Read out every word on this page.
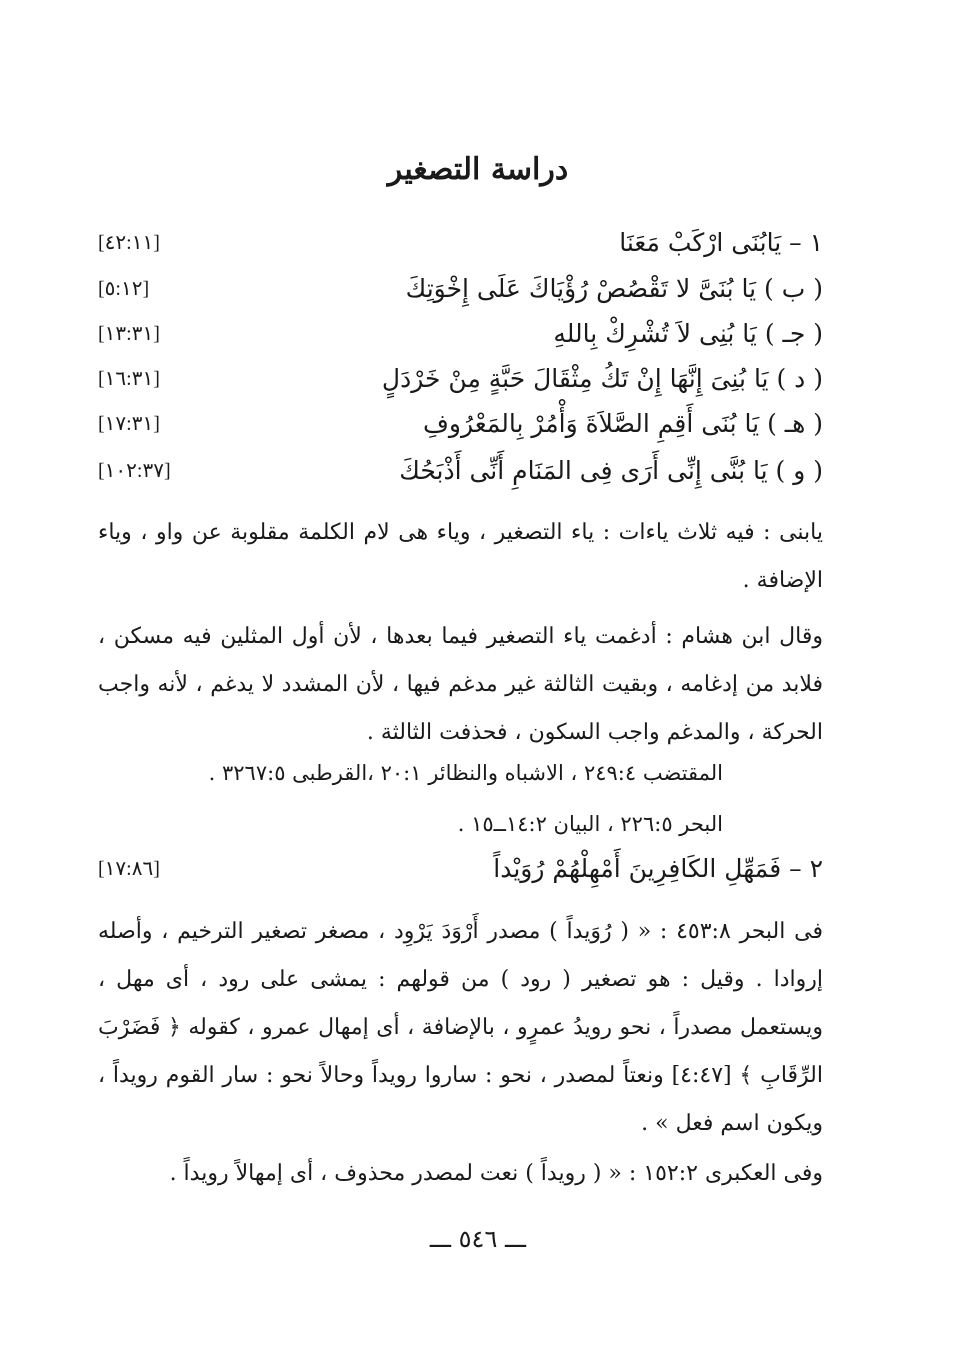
دراسة التصغير
١ – يَابُنَى ارْكَبْ مَعَنَا
[٤٢:١١]
( ب ) يَا بُنَىَّ لا تَقْصُصْ رُؤْيَاكَ عَلَى إِخْوَتِكَ
[٥:١٢]
( جـ ) يَا بُنِى لاَ تُشْرِكْ بِاللهِ
[١٣:٣١]
( د ) يَا بُنِىَ إِنَّهَا إِنْ تَكُ مِثْقَالَ حَبَّةٍ مِنْ خَرْدَلٍ
[١٦:٣١]
( هـ ) يَا بُنَى أَقِمِ الصَّلاَةَ وَأْمُرْ بِالمَعْرُوفِ
[١٧:٣١]
( و ) يَا بُنَّى إِنِّى أَرَى فِى المَنَامِ أَنِّى أَذْبَحُكَ
[١٠٢:٣٧]
يابنى : فيه ثلاث ياءات : ياء التصغير ، وياء هى لام الكلمة مقلوبة عن واو ، وياء الإضافة .
وقال ابن هشام : أدغمت ياء التصغير فيما بعدها ، لأن أول المثلين فيه مسكن ، فلابد من إدغامه ، وبقيت الثالثة غير مدغم فيها ، لأن المشدد لا يدغم ، لأنه واجب الحركة ، والمدغم واجب السكون ، فحذفت الثالثة .
المقتضب ٢٤٩:٤ ، الاشباه والنظائر ٢٠:١ ،القرطبى ٣٢٦٧:٥ .
البحر ٢٢٦:٥ ، البيان ١٤:٢ــ١٥ .
٢ – فَمَهِّلِ الكَافِرِينَ أَمْهِلْهُمْ رُوَيْداً
[١٧:٨٦]
فى البحر ٤٥٣:٨ : « ( رُوَيداً ) مصدر أَرْوَدَ يَرْوِد ، مصغر تصغير الترخيم ، وأصله إروادا . وقيل : هو تصغير ( رود ) من قولهم : يمشى على رود ، أى مهل ، ويستعمل مصدراً ، نحو رويدُ عمرٍو ، بالإضافة ، أى إمهال عمرو ، كقوله ﴿ فَضَرْبَ الرِّقَابِ ﴾ [٤:٤٧] ونعتاً لمصدر ، نحو : ساروا رويداً وحالاً نحو : سار القوم رويداً ، ويكون اسم فعل » .
وفى العكبرى ١٥٢:٢ : « ( رويداً ) نعت لمصدر محذوف ، أى إمهالاً رويداً .
ـــ ٥٤٦ ـــ
